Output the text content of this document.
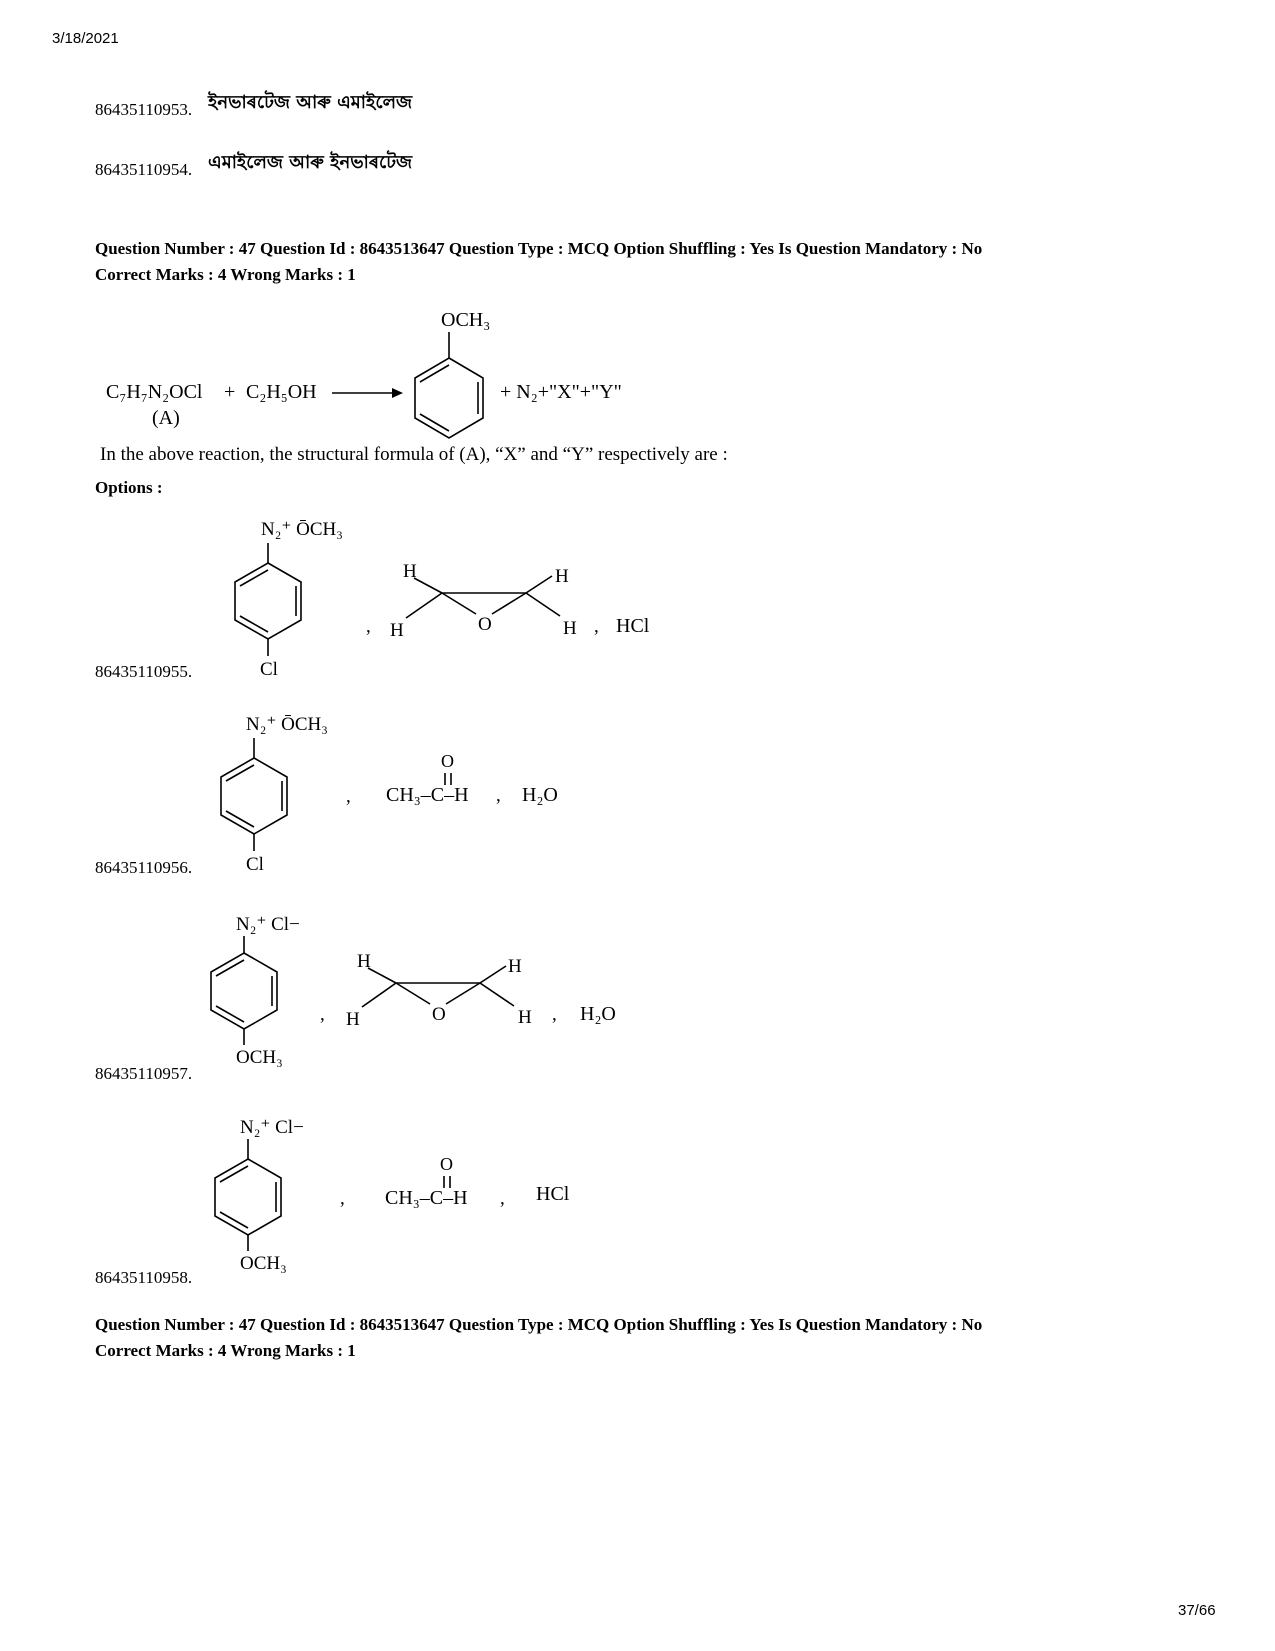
3/18/2021
86435110953. ইনভাৰটেজ আৰু এমাইলেজ
86435110954. এমাইলেজ আৰু ইনভাৰটেজ
Question Number : 47 Question Id : 8643513647 Question Type : MCQ Option Shuffling : Yes Is Question Mandatory : No
Correct Marks : 4 Wrong Marks : 1
C₇H₇N₂OCl + C₂H₅OH
(A)
OCH₃
+ N₂+"X"+"Y"
In the above reaction, the structural formula of (A), “X” and “Y” respectively are :
Options :
86435110955.
N₂⁺ ŌCH₃
Cl
,
H
H
H
H
O	, HCl
86435110956.
N₂⁺ ŌCH₃
Cl
,
O
CH₃–C–H , H₂O
86435110957.
N₂⁺ Cl−
OCH₃
,
H
H
H
H
O	, H₂O
86435110958.
N₂⁺ Cl−
OCH₃
,
O
CH₃–C–H , HCl
Question Number : 47 Question Id : 8643513647 Question Type : MCQ Option Shuffling : Yes Is Question Mandatory : No
Correct Marks : 4 Wrong Marks : 1
37/66
